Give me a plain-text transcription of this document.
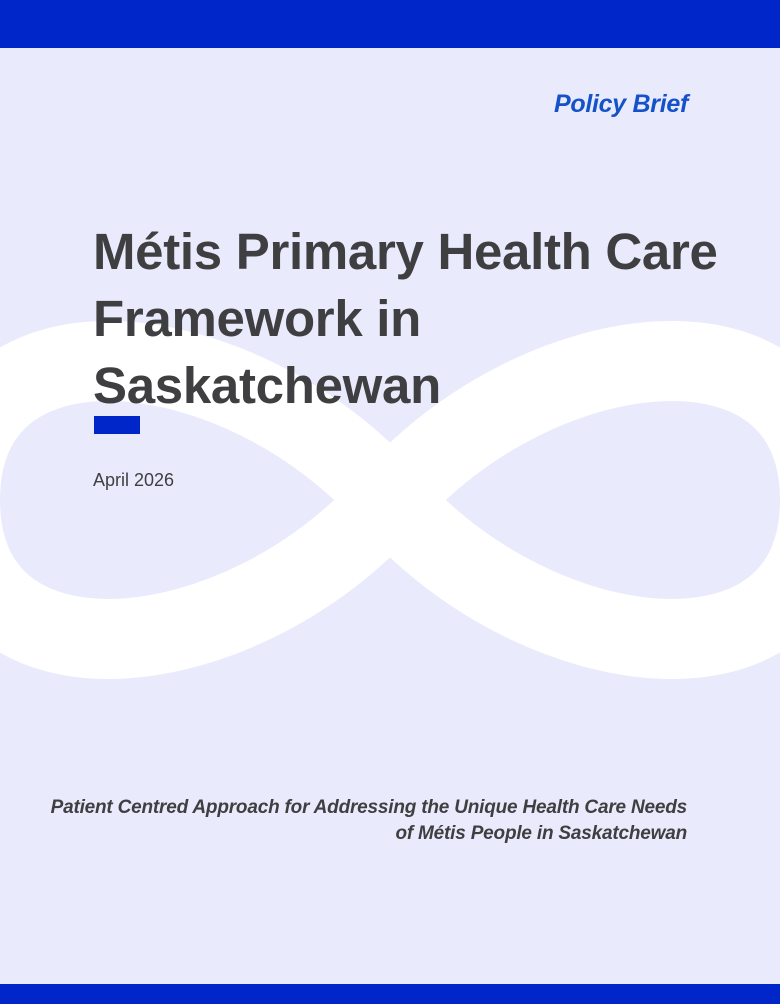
Policy Brief
Métis Primary Health Care Framework in Saskatchewan
April 2026

Patient Centred Approach for Addressing the Unique Health Care Needs of Métis People in Saskatchewan
